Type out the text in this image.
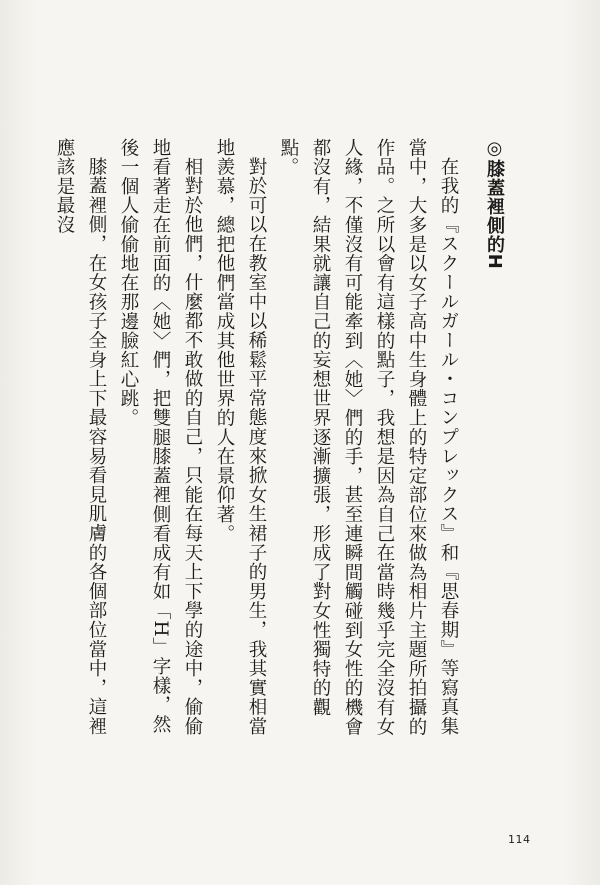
◎膝蓋裡側的H

在我的『スクールガール・コンプレックス』和『思春期』等寫真集當中，大多是以女子高中生身體上的特定部位來做為相片主題所拍攝的作品。之所以會有這樣的點子，我想是因為自己在當時幾乎完全沒有女人緣，不僅沒有可能牽到〈她〉們的手，甚至連瞬間觸碰到女性的機會都沒有，結果就讓自己的妄想世界逐漸擴張，形成了對女性獨特的觀點。

對於可以在教室中以稀鬆平常態度來掀女生裙子的男生，我其實相當地羨慕，總把他們當成其他世界的人在景仰著。

相對於他們，什麼都不敢做的自己，只能在每天上下學的途中，偷偷地看著走在前面的〈她〉們，把雙腿膝蓋裡側看成有如「H」字樣，然後一個人偷偷地在那邊臉紅心跳。

膝蓋裡側，在女孩子全身上下最容易看見肌膚的各個部位當中，這裡應該是最沒

114
